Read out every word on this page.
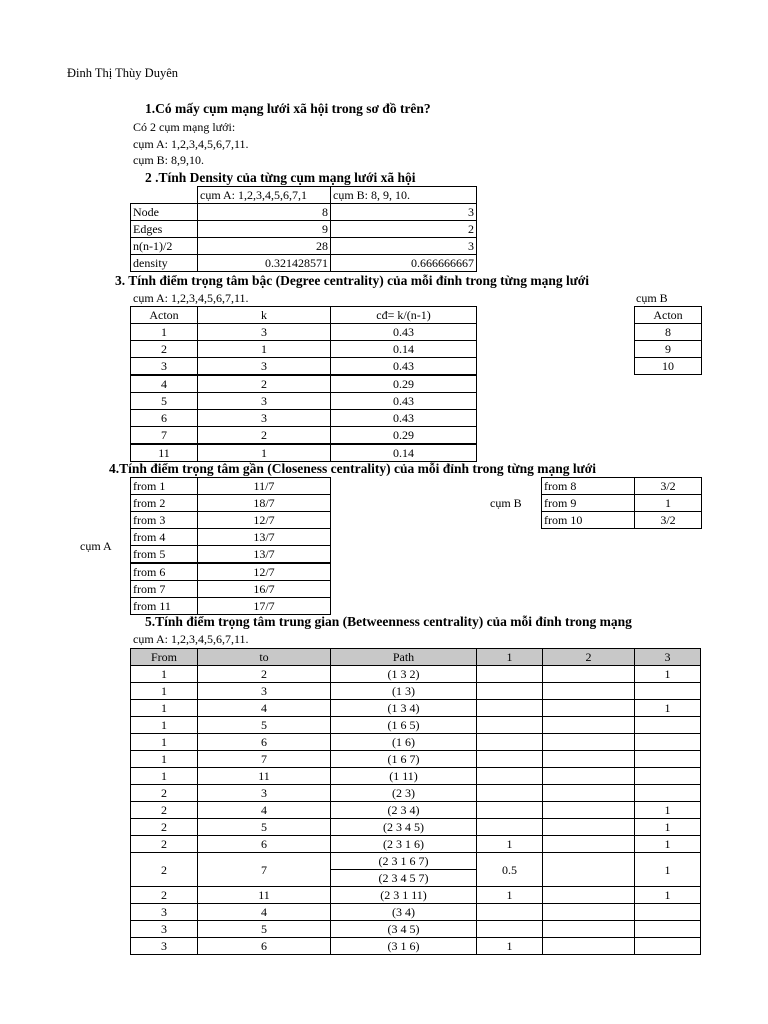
Đinh Thị Thùy Duyên
1.Có mấy cụm mạng lưới xã hội trong sơ đồ trên?
Có 2 cụm mạng lưới:
cụm A: 1,2,3,4,5,6,7,11.
cụm B: 8,9,10.
2 .Tính Density của từng cụm mạng lưới xã hội
	cụm A: 1,2,3,4,5,6,7,1	cụm B: 8, 9, 10.
Node	8	3
Edges	9	2
n(n-1)/2	28	3
density	0.321428571	0.666666667
3. Tính điểm trọng tâm bậc (Degree centrality) của mỗi đỉnh trong từng mạng lưới
cụm A: 1,2,3,4,5,6,7,11.	cụm B
Acton	k	cđ= k/(n-1)
1	3	0.43
2	1	0.14
3	3	0.43
4	2	0.29
5	3	0.43
6	3	0.43
7	2	0.29
11	1	0.14
Acton
8
9
10
4.Tính điểm trọng tâm gần (Closeness centrality) của mỗi đỉnh trong từng mạng lưới
cụm A
cụm B
from 1	11/7
from 2	18/7
from 3	12/7
from 4	13/7
from 5	13/7
from 6	12/7
from 7	16/7
from 11	17/7
from 8	3/2
from 9	1
from 10	3/2
5.Tính điểm trọng tâm trung gian (Betweenness centrality) của mỗi đỉnh trong mạng
cụm A: 1,2,3,4,5,6,7,11.
From	to	Path	1	2	3
1	2	(1 3 2)			1
1	3	(1 3)			
1	4	(1 3 4)			1
1	5	(1 6 5)			
1	6	(1 6)			
1	7	(1 6 7)			
1	11	(1 11)			
2	3	(2 3)			
2	4	(2 3 4)			1
2	5	(2 3 4 5)			1
2	6	(2 3 1 6)	1		1
2	7	(2 3 1 6 7)	0.5		1
		(2 3 4 5 7)			
2	11	(2 3 1 11)	1		1
3	4	(3 4)			
3	5	(3 4 5)			
3	6	(3 1 6)	1		
